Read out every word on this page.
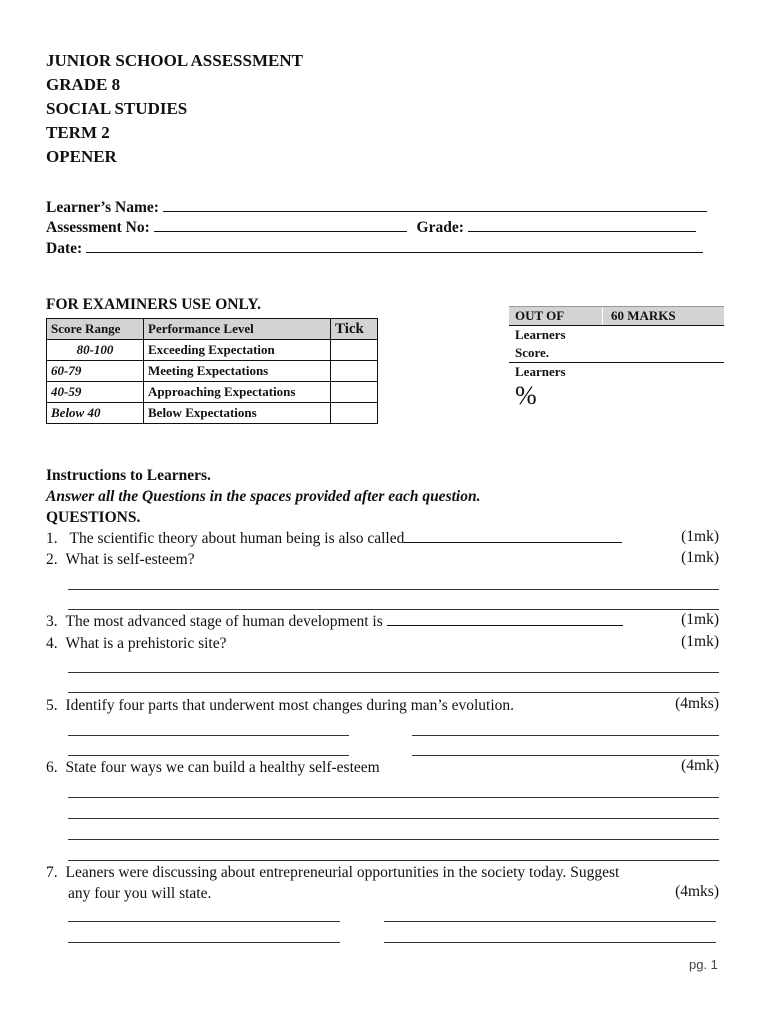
JUNIOR SCHOOL ASSESSMENT
GRADE 8
SOCIAL STUDIES
TERM 2
OPENER
Learner’s Name:
Assessment No:	Grade:
Date:
FOR EXAMINERS USE ONLY.
Score Range	Performance Level	Tick
80-100	Exceeding Expectation	
60-79	Meeting Expectations	
40-59	Approaching Expectations	
Below 40	Below Expectations	
OUT OF	60 MARKS
Learners
Score.
Learners
%
Instructions to Learners.
Answer all the Questions in the spaces provided after each question.
QUESTIONS.
1. The scientific theory about human being is also called	(1mk)
2. What is self-esteem?	(1mk)
3. The most advanced stage of human development is	(1mk)
4. What is a prehistoric site?	(1mk)
5. Identify four parts that underwent most changes during man’s evolution.	(4mks)
6. State four ways we can build a healthy self-esteem	(4mk)
7. Leaners were discussing about entrepreneurial opportunities in the society today. Suggest
any four you will state.	(4mks)
pg. 1
